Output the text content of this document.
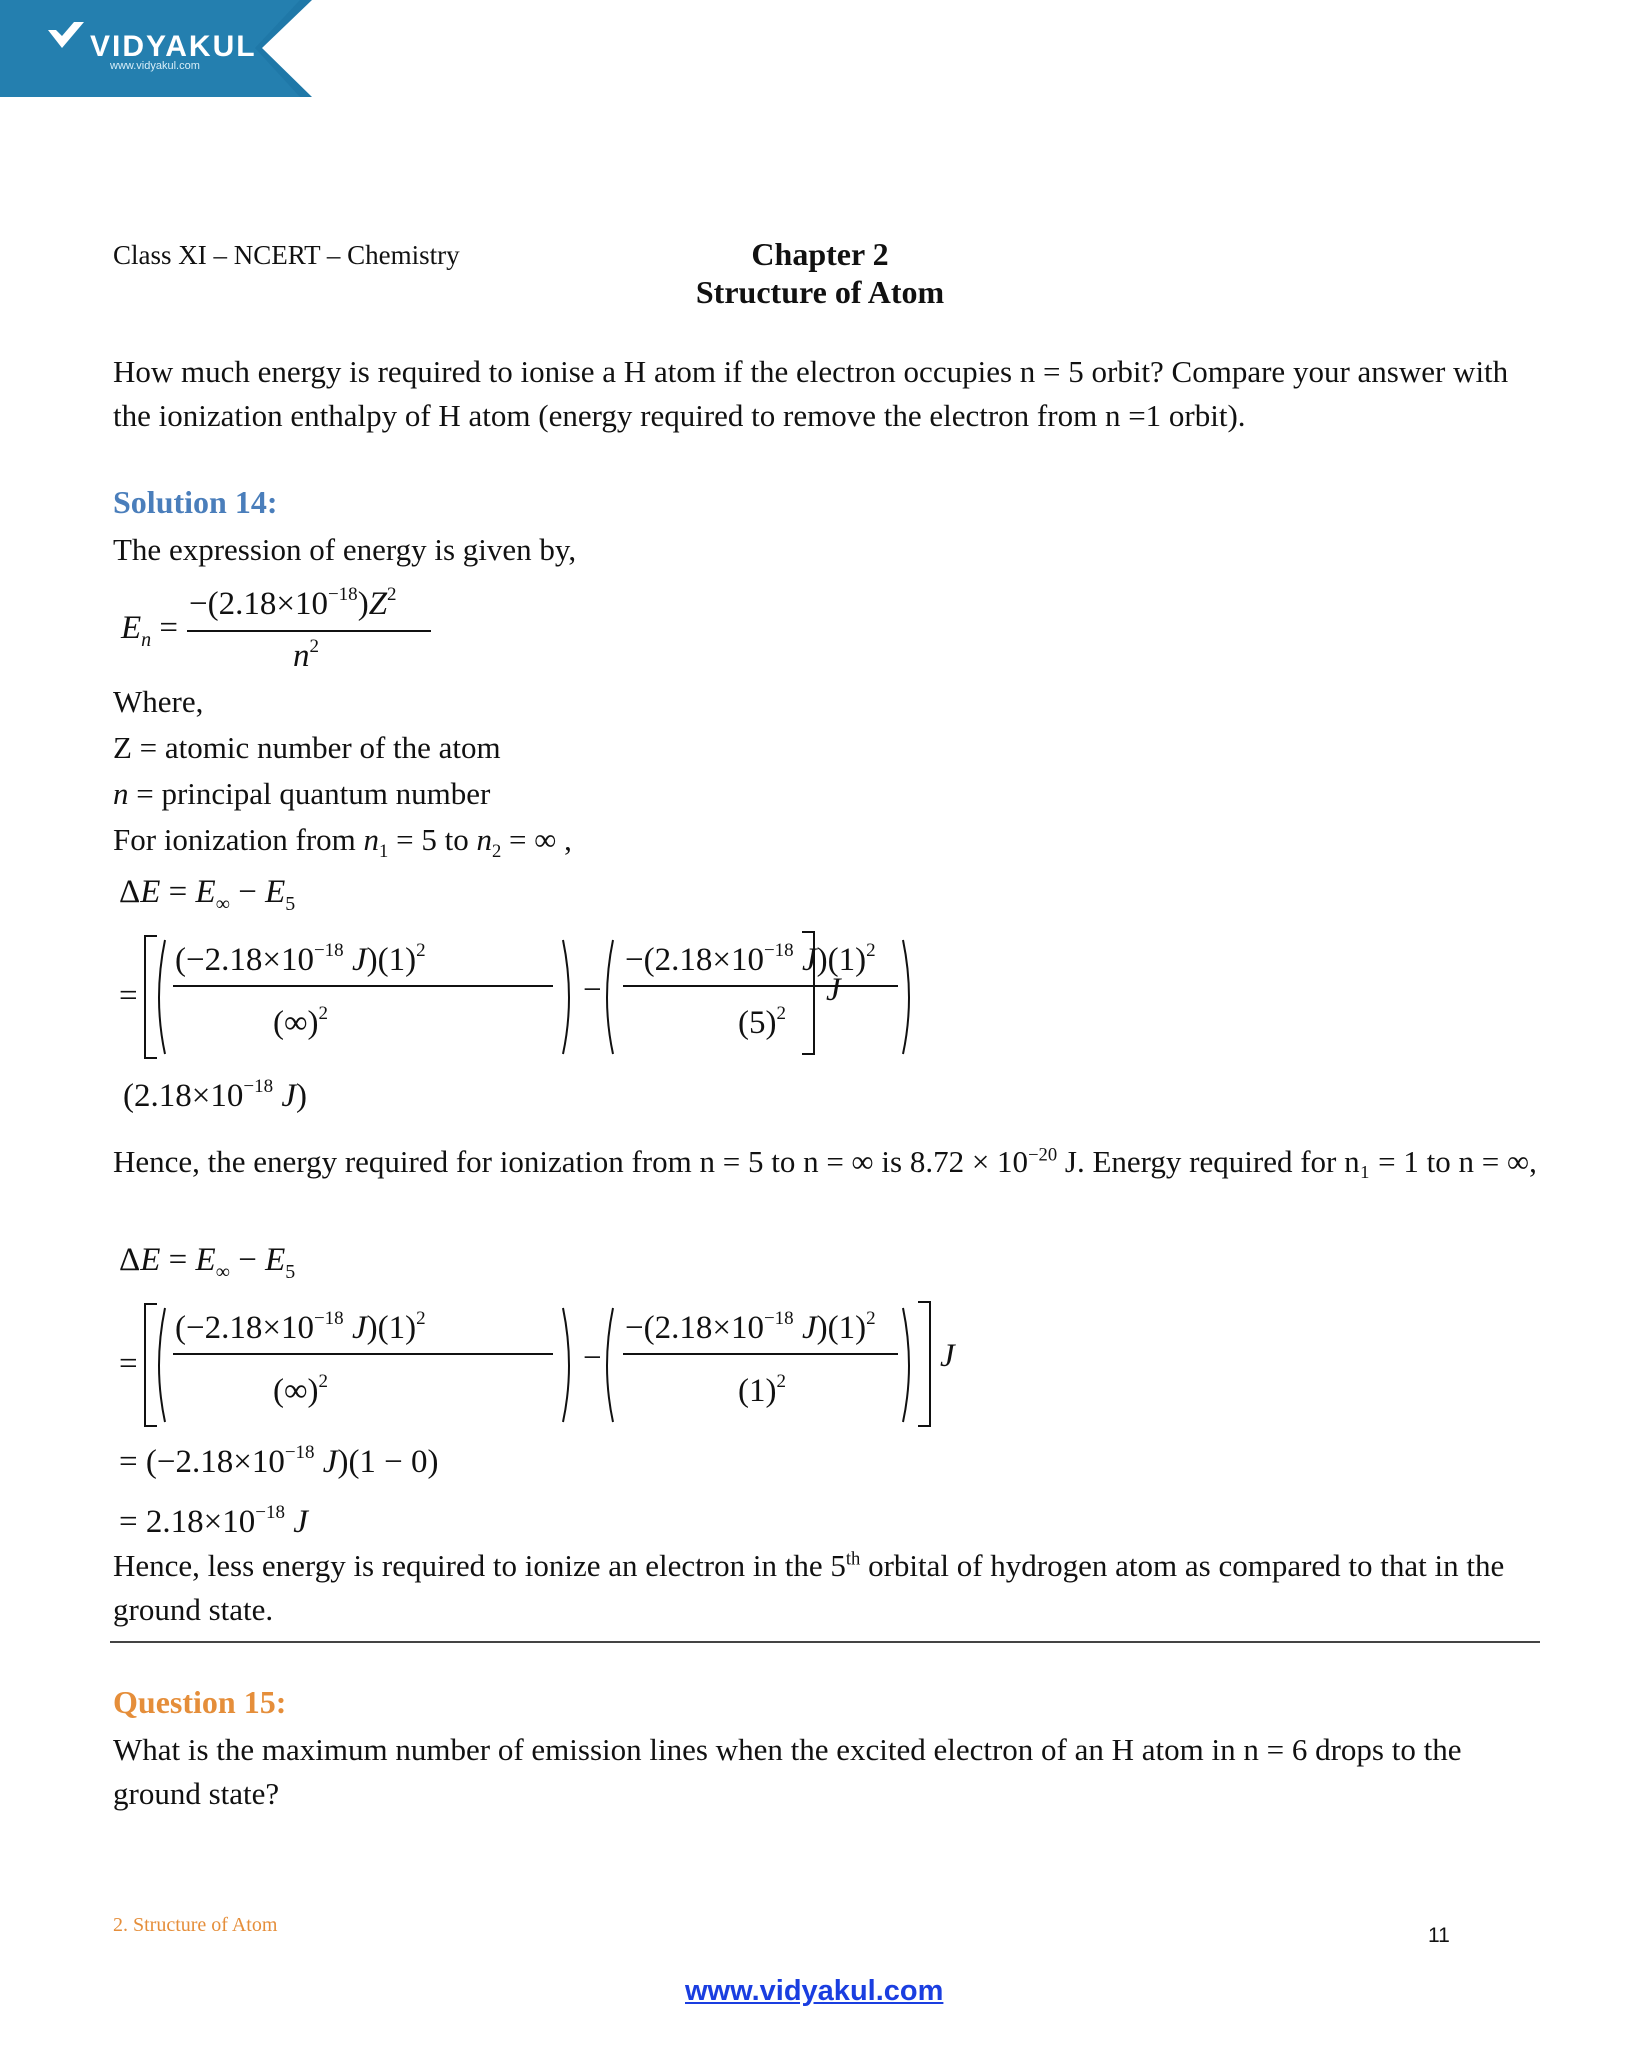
VIDYAKUL
www.vidyakul.com
Class XI – NCERT – Chemistry	Chapter 2
Structure of Atom

How much energy is required to ionise a H atom if the electron occupies n = 5 orbit? Compare your answer with the ionization enthalpy of H atom (energy required to remove the electron from n =1 orbit).

Solution 14:
The expression of energy is given by,
$E_n$ =
$-(2.18\times 10^{-18})Z^2$
$n^2$
Where,
Z = atomic number of the atom
n = principal quantum number
For ionization from $n_1 = 5$ to $n_2$ = ∞ ,
$\Delta E = E_\infty - E_5$
=
($-2.18\times 10^{-18}$ $J)(1)^2$
(∞)$^2$
−
$-(2.18\times 10^{-18}$ $J)(1)^2$
$(5)^2$
($2.18\times 10^{-18}$ J)
J
Hence, the energy required for ionization from n = 5 to n = ∞ is $8.72 \times 10^{-20}$ J. Energy required for n₁ = 1 to n = ∞,
$\Delta E = E_\infty - E_5$
=
($-2.18\times 10^{-18}$ $J)(1)^2$
(∞)$^2$
−
$-(2.18\times 10^{-18}$ $J)(1)^2$
$(1)^2$
J
= ($-2.18\times 10^{-18}$ J)(1 − 0)
= $2.18\times 10^{-18}$ J
Hence, less energy is required to ionize an electron in the 5th orbital of hydrogen atom as compared to that in the ground state.
Question 15:

What is the maximum number of emission lines when the excited electron of an H atom in n = 6 drops to the ground state?

2. Structure of Atom	11
www.vidyakul.com
